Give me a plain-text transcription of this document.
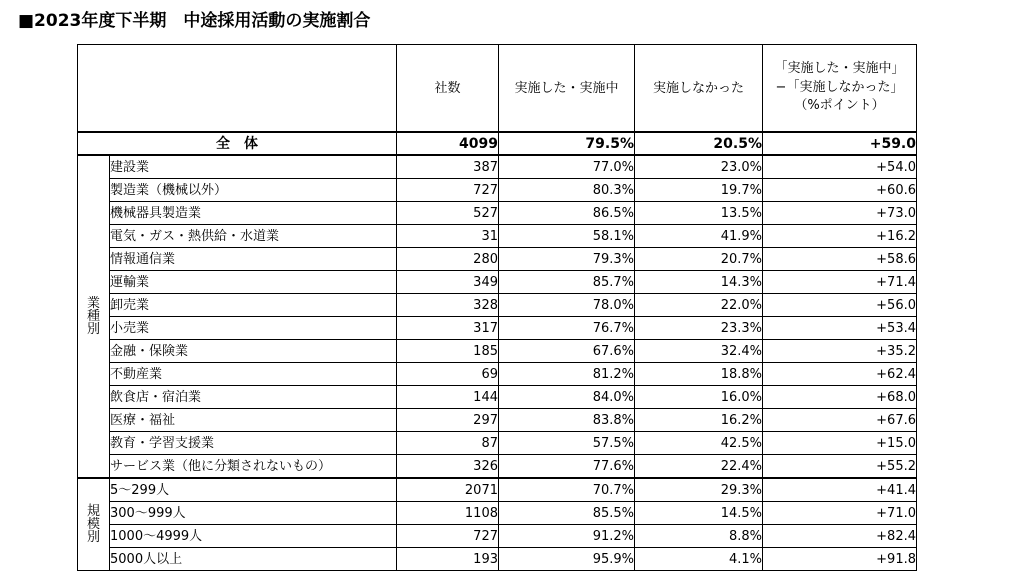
■2023年度下半期　中途採用活動の実施割合
		社数	実施した・実施中	実施しなかった	「実施した・実施中」
−「実施しなかった」
（%ポイント）

全　体		4099	79.5%	20.5%	+59.0

業
種
別	建設業	387	77.0%	23.0%	+54.0
	製造業（機械以外）	727	80.3%	19.7%	+60.6
	機械器具製造業	527	86.5%	13.5%	+73.0
	電気・ガス・熱供給・水道業	31	58.1%	41.9%	+16.2
	情報通信業	280	79.3%	20.7%	+58.6
	運輸業	349	85.7%	14.3%	+71.4
	卸売業	328	78.0%	22.0%	+56.0
	小売業	317	76.7%	23.3%	+53.4
	金融・保険業	185	67.6%	32.4%	+35.2
	不動産業	69	81.2%	18.8%	+62.4
	飲食店・宿泊業	144	84.0%	16.0%	+68.0
	医療・福祉	297	83.8%	16.2%	+67.6
	教育・学習支援業	87	57.5%	42.5%	+15.0
	サービス業（他に分類されないもの）	326	77.6%	22.4%	+55.2

規
模
別	5～299人	2071	70.7%	29.3%	+41.4
	300～999人	1108	85.5%	14.5%	+71.0
	1000～4999人	727	91.2%	8.8%	+82.4
	5000人以上	193	95.9%	4.1%	+91.8
